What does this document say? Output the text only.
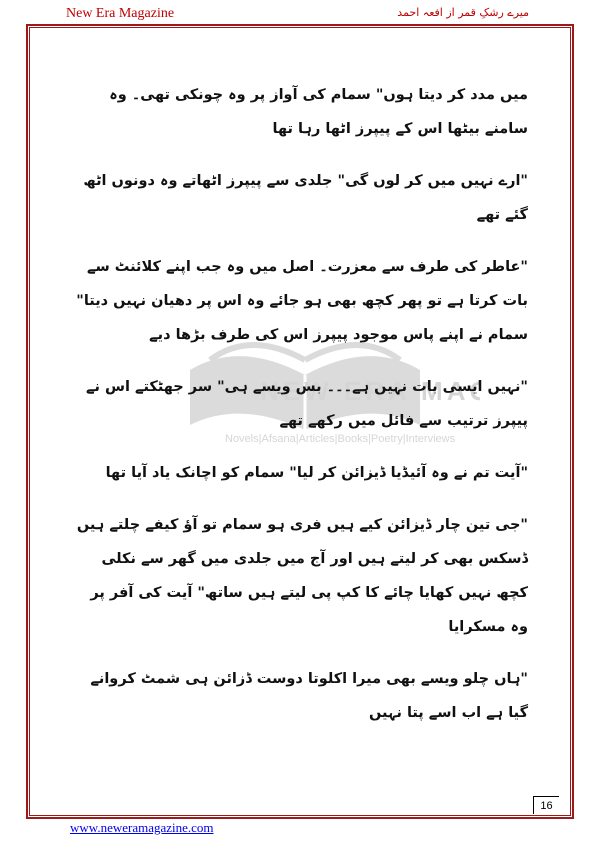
New Era Magazine	میرے رشکِ قمر از افعہ احمد
NEW ERA MA
Novels|Afsana|Articles|Books|Poetry|Interviews

میں مدد کر دیتا ہوں" سمام کی آواز پر وہ چونکی تھی۔ وہ سامنے بیٹھا اس کے پیپرز اٹھا رہا تھا

"ارے نہیں میں کر لوں گی" جلدی سے پیپرز اٹھاتے وہ دونوں اٹھ گئے تھے

"عاطر کی طرف سے معزرت۔ اصل میں وہ جب اپنے کلائنٹ سے بات کرتا ہے تو پھر کچھ بھی ہو جائے وہ اس پر دھیان نہیں دیتا" سمام نے اپنے پاس موجود پیپرز اس کی طرف بڑھا دیے

"نہیں ایسی بات نہیں ہے۔۔۔ بس ویسے ہی" سر جھٹکتے اس نے پیپرز ترتیب سے فائل میں رکھے تھے

"آیت تم نے وہ آئیڈیا ڈیزائن کر لیا" سمام کو اچانک یاد آیا تھا

"جی تین چار ڈیزائن کیے ہیں فری ہو سمام تو آؤ کیفے چلتے ہیں ڈسکس بھی کر لیتے ہیں اور آج میں جلدی میں گھر سے نکلی کچھ نہیں کھایا چائے کا کپ پی لیتے ہیں ساتھ" آیت کی آفر پر وہ مسکرایا

"ہاں چلو ویسے بھی میرا اکلوتا دوست ڈزائن ہی شمٹ کروانے گیا ہے اب اسے پتا نہیں

16
www.neweramagazine.com
